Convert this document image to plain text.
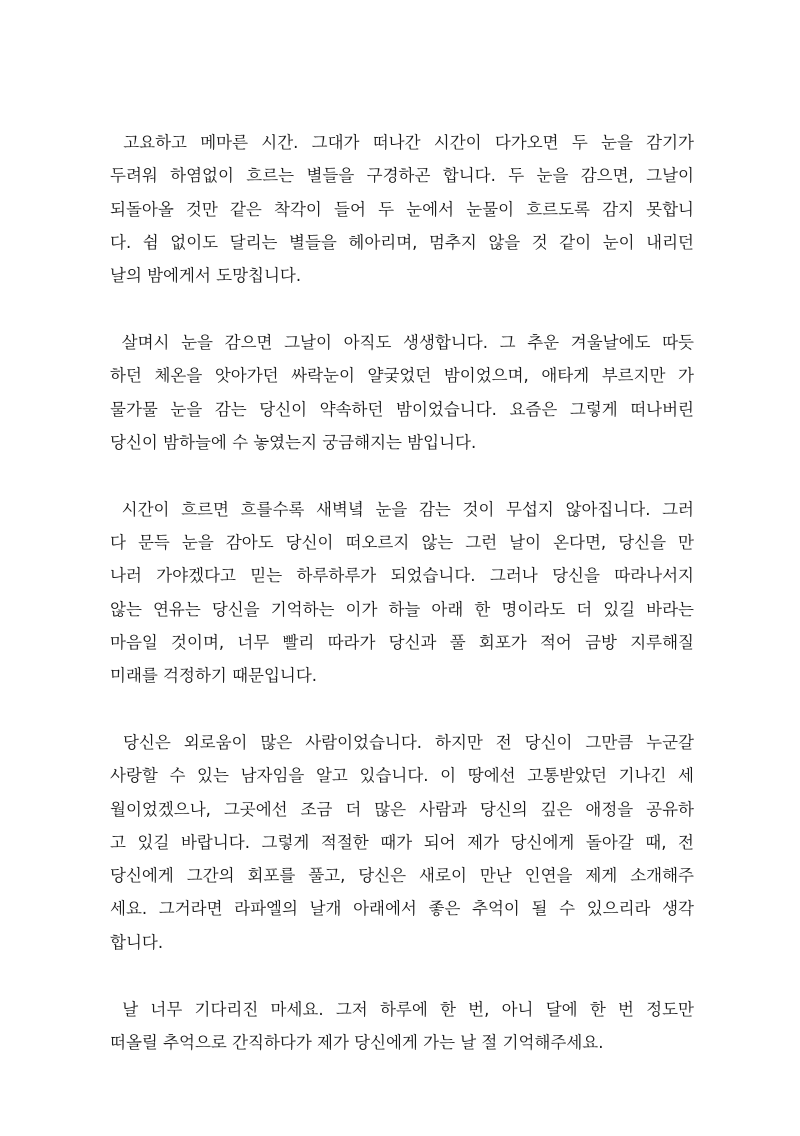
고요하고 메마른 시간. 그대가 떠나간 시간이 다가오면 두 눈을 감기가
두려워 하염없이 흐르는 별들을 구경하곤 합니다. 두 눈을 감으면, 그날이
되돌아올 것만 같은 착각이 들어 두 눈에서 눈물이 흐르도록 감지 못합니
다. 쉼 없이도 달리는 별들을 헤아리며, 멈추지 않을 것 같이 눈이 내리던
날의 밤에게서 도망칩니다.
살며시 눈을 감으면 그날이 아직도 생생합니다. 그 추운 겨울날에도 따듯
하던 체온을 앗아가던 싸락눈이 얄궂었던 밤이었으며, 애타게 부르지만 가
물가물 눈을 감는 당신이 약속하던 밤이었습니다. 요즘은 그렇게 떠나버린
당신이 밤하늘에 수 놓였는지 궁금해지는 밤입니다.
시간이 흐르면 흐를수록 새벽녘 눈을 감는 것이 무섭지 않아집니다. 그러
다 문득 눈을 감아도 당신이 떠오르지 않는 그런 날이 온다면, 당신을 만
나러 가야겠다고 믿는 하루하루가 되었습니다. 그러나 당신을 따라나서지
않는 연유는 당신을 기억하는 이가 하늘 아래 한 명이라도 더 있길 바라는
마음일 것이며, 너무 빨리 따라가 당신과 풀 회포가 적어 금방 지루해질
미래를 걱정하기 때문입니다.
당신은 외로움이 많은 사람이었습니다. 하지만 전 당신이 그만큼 누군갈
사랑할 수 있는 남자임을 알고 있습니다. 이 땅에선 고통받았던 기나긴 세
월이었겠으나, 그곳에선 조금 더 많은 사람과 당신의 깊은 애정을 공유하
고 있길 바랍니다. 그렇게 적절한 때가 되어 제가 당신에게 돌아갈 때, 전
당신에게 그간의 회포를 풀고, 당신은 새로이 만난 인연을 제게 소개해주
세요. 그거라면 라파엘의 날개 아래에서 좋은 추억이 될 수 있으리라 생각
합니다.
날 너무 기다리진 마세요. 그저 하루에 한 번, 아니 달에 한 번 정도만
떠올릴 추억으로 간직하다가 제가 당신에게 가는 날 절 기억해주세요.
